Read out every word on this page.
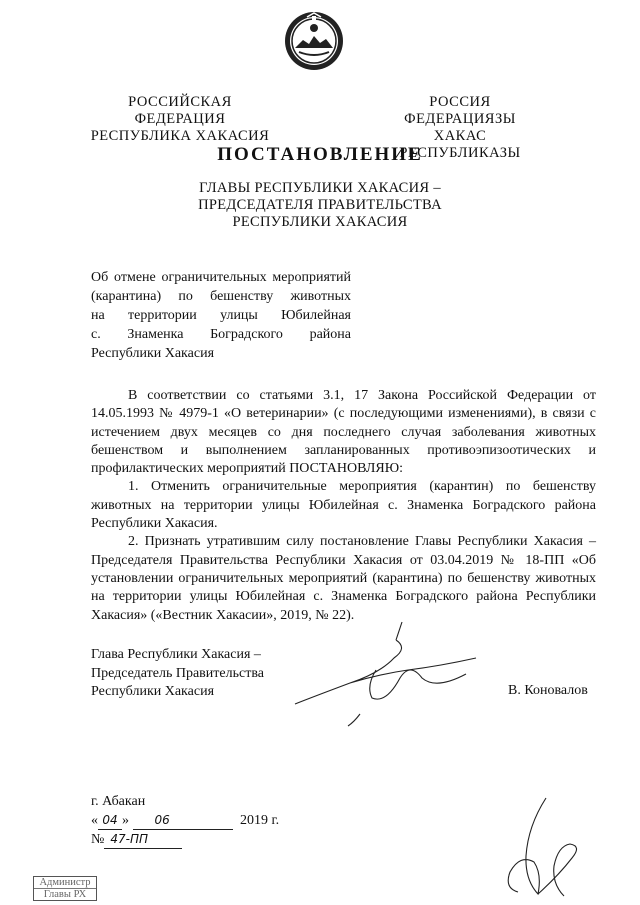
РОССИЙСКАЯ ФЕДЕРАЦИЯ
РЕСПУБЛИКА ХАКАСИЯ
РОССИЯ ФЕДЕРАЦИЯЗЫ
ХАКАС РЕСПУБЛИКАЗЫ
ПОСТАНОВЛЕНИЕ
ГЛАВЫ РЕСПУБЛИКИ ХАКАСИЯ –
ПРЕДСЕДАТЕЛЯ ПРАВИТЕЛЬСТВА
РЕСПУБЛИКИ ХАКАСИЯ
Об отмене ограничительных мероприятий
(карантина) по бешенству животных
на территории улицы Юбилейная
с. Знаменка Боградского района
Республики Хакасия

В соответствии со статьями 3.1, 17 Закона Российской Федерации от 14.05.1993 № 4979-1 «О ветеринарии» (с последующими изменениями), в связи с истечением двух месяцев со дня последнего случая заболевания животных бешенством и выполнением запланированных противоэпизоотических и профилактических мероприятий ПОСТАНОВЛЯЮ:

1. Отменить ограничительные мероприятия (карантин) по бешенству животных на территории улицы Юбилейная с. Знаменка Боградского района Республики Хакасия.

2. Признать утратившим силу постановление Главы Республики Хакасия – Председателя Правительства Республики Хакасия от 03.04.2019 № 18-ПП «Об установлении ограничительных мероприятий (карантина) по бешенству животных на территории улицы Юбилейная с. Знаменка Боградского района Республики Хакасия» («Вестник Хакасии», 2019, № 22).

Глава Республики Хакасия –
Председатель Правительства
Республики Хакасия	В. Коновалов
г. Абакан
« 04 » 06	2019 г.
№ 47-ПП
Администр
Главы РХ
